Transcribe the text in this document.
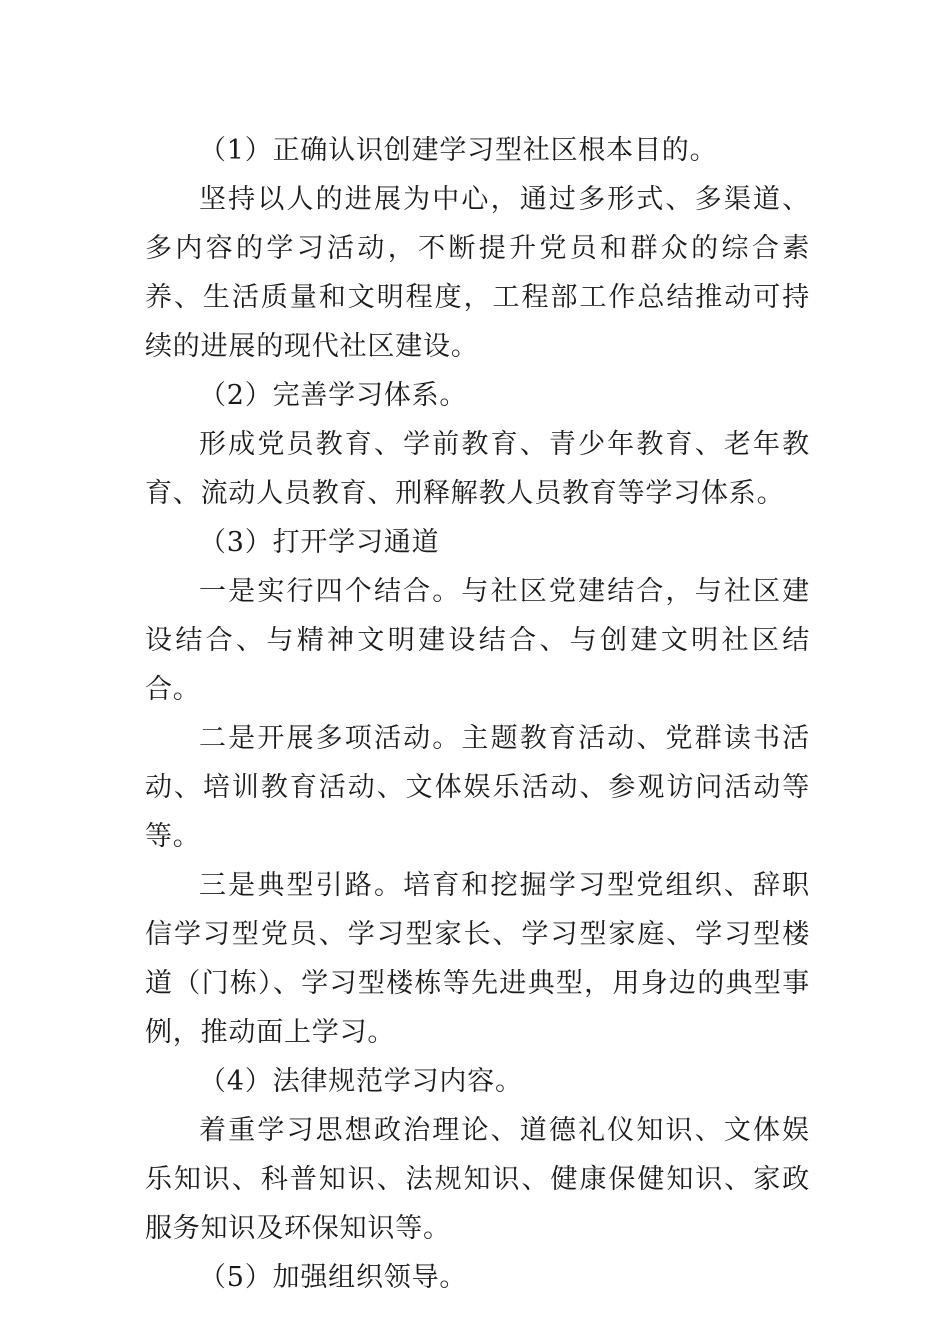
（1）正确认识创建学习型社区根本目的。

坚持以人的进展为中心，通过多形式、多渠道、多内容的学习活动，不断提升党员和群众的综合素养、生活质量和文明程度，工程部工作总结推动可持续的进展的现代社区建设。

（2）完善学习体系。

形成党员教育、学前教育、青少年教育、老年教育、流动人员教育、刑释解教人员教育等学习体系。

（3）打开学习通道

一是实行四个结合。与社区党建结合，与社区建设结合、与精神文明建设结合、与创建文明社区结合。

二是开展多项活动。主题教育活动、党群读书活动、培训教育活动、文体娱乐活动、参观访问活动等等。

三是典型引路。培育和挖掘学习型党组织、辞职信学习型党员、学习型家长、学习型家庭、学习型楼道（门栋）、学习型楼栋等先进典型，用身边的典型事例，推动面上学习。

（4）法律规范学习内容。

着重学习思想政治理论、道德礼仪知识、文体娱乐知识、科普知识、法规知识、健康保健知识、家政服务知识及环保知识等。

（5）加强组织领导。
